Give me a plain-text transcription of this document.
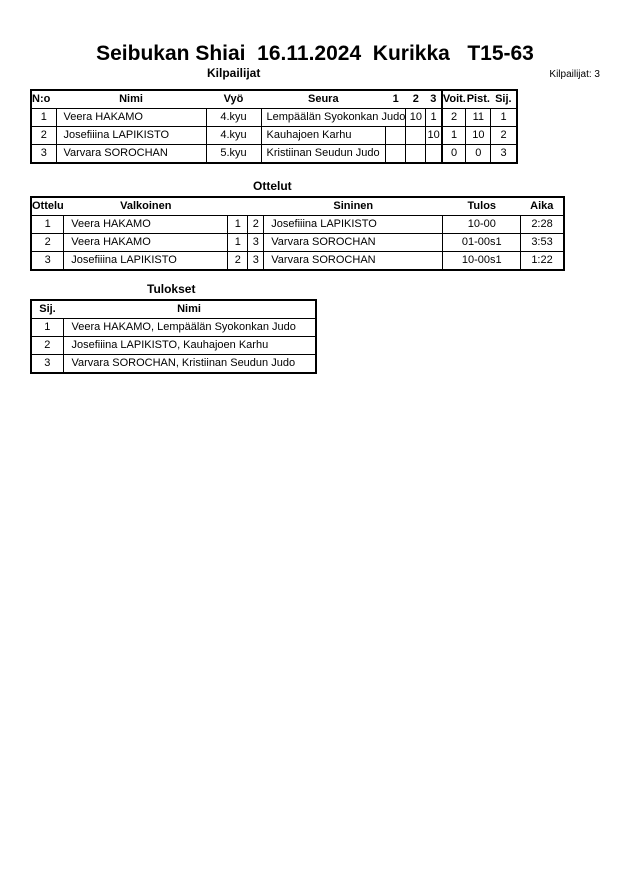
Seibukan Shiai  16.11.2024  Kurikka   T15-63
Kilpailijat	Kilpailijat: 3
N:o	Nimi	Vyö	Seura	1	2	3	Voit.	Pist.	Sij.
1	Veera HAKAMO	4.kyu	Lempäälän Syokonkan Judo		10	1	2	11	1
2	Josefiiina LAPIKISTO	4.kyu	Kauhajoen Karhu			10	1	10	2
3	Varvara SOROCHAN	5.kyu	Kristiinan Seudun Judo				0	0	3
Ottelut
Ottelu	Valkoinen			Sininen	Tulos	Aika
1	Veera HAKAMO	1	2	Josefiiina LAPIKISTO	10-00	2:28
2	Veera HAKAMO	1	3	Varvara SOROCHAN	01-00s1	3:53
3	Josefiiina LAPIKISTO	2	3	Varvara SOROCHAN	10-00s1	1:22
Tulokset
Sij.	Nimi
1	Veera HAKAMO, Lempäälän Syokonkan Judo
2	Josefiiina LAPIKISTO, Kauhajoen Karhu
3	Varvara SOROCHAN, Kristiinan Seudun Judo
